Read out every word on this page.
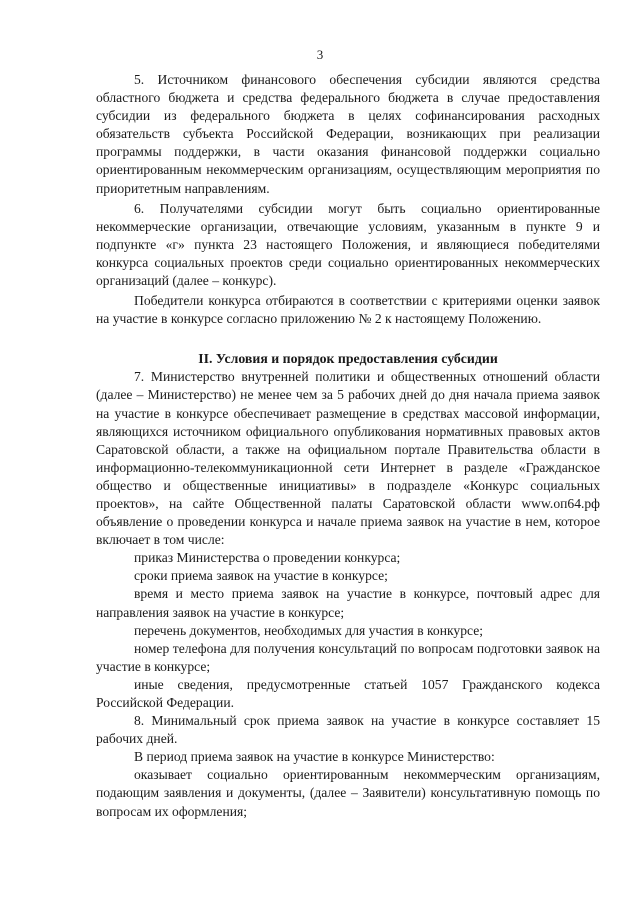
3

5. Источником финансового обеспечения субсидии являются средства областного бюджета и средства федерального бюджета в случае предоставления субсидии из федерального бюджета в целях софинансирования расходных обязательств субъекта Российской Федерации, возникающих при реализации программы поддержки, в части оказания финансовой поддержки социально ориентированным некоммерческим организациям, осуществляющим мероприятия по приоритетным направлениям.

6. Получателями субсидии могут быть социально ориентированные некоммерческие организации, отвечающие условиям, указанным в пункте 9 и подпункте «г» пункта 23 настоящего Положения, и являющиеся победителями конкурса социальных проектов среди социально ориентированных некоммерческих организаций (далее – конкурс).

Победители конкурса отбираются в соответствии с критериями оценки заявок на участие в конкурсе согласно приложению № 2 к настоящему Положению.

II. Условия и порядок предоставления субсидии

7. Министерство внутренней политики и общественных отношений области (далее – Министерство) не менее чем за 5 рабочих дней до дня начала приема заявок на участие в конкурсе обеспечивает размещение в средствах массовой информации, являющихся источником официального опубликования нормативных правовых актов Саратовской области, а также на официальном портале Правительства области в информационно-телекоммуникационной сети Интернет в разделе «Гражданское общество и общественные инициативы» в подразделе «Конкурс социальных проектов», на сайте Общественной палаты Саратовской области www.оп64.рф объявление о проведении конкурса и начале приема заявок на участие в нем, которое включает в том числе:

приказ Министерства о проведении конкурса;

сроки приема заявок на участие в конкурсе;

время и место приема заявок на участие в конкурсе, почтовый адрес для направления заявок на участие в конкурсе;

перечень документов, необходимых для участия в конкурсе;

номер телефона для получения консультаций по вопросам подготовки заявок на участие в конкурсе;

иные сведения, предусмотренные статьей 1057 Гражданского кодекса Российской Федерации.

8. Минимальный срок приема заявок на участие в конкурсе составляет 15 рабочих дней.

В период приема заявок на участие в конкурсе Министерство:

оказывает социально ориентированным некоммерческим организациям, подающим заявления и документы, (далее – Заявители) консультативную помощь по вопросам их оформления;
